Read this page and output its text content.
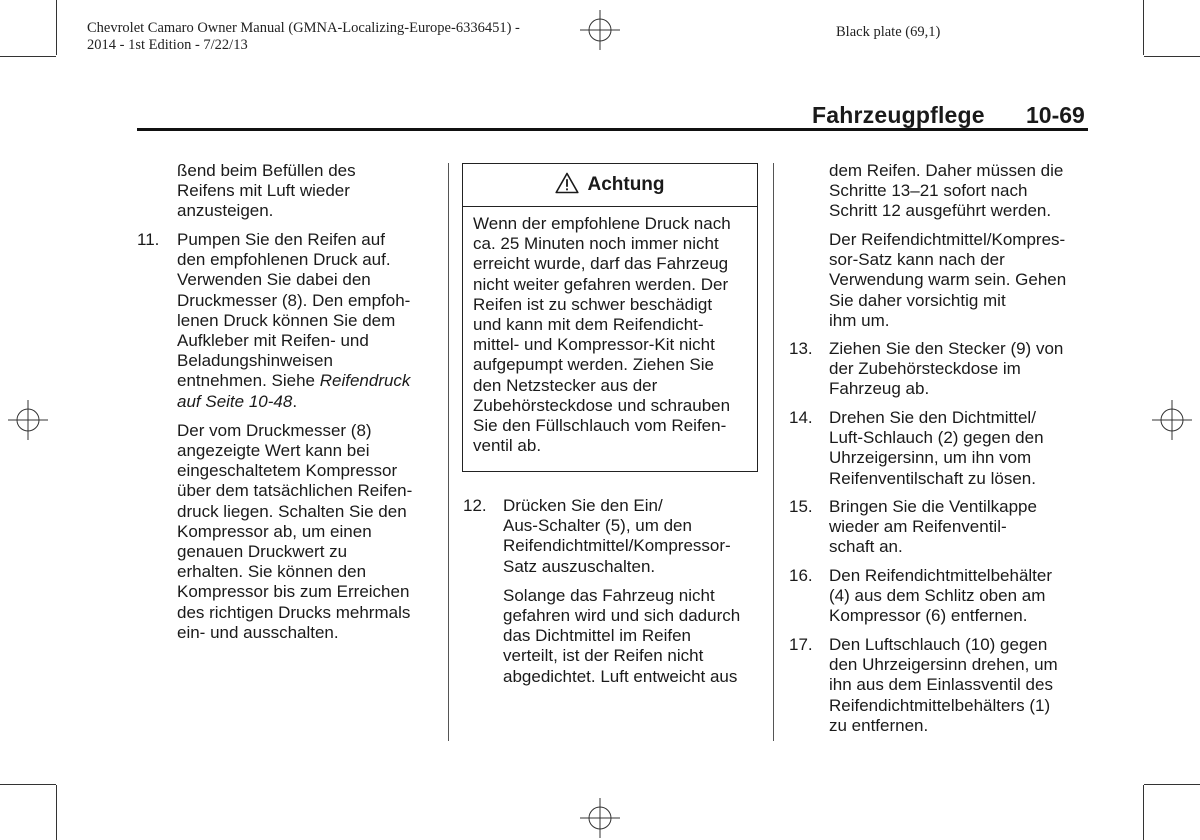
Chevrolet Camaro Owner Manual (GMNA-Localizing-Europe-6336451) -
2014 - 1st Edition - 7/22/13
Black plate (69,1)
Fahrzeugpflege 10-69
ßend beim Befüllen des
Reifens mit Luft wieder
anzusteigen.
11. Pumpen Sie den Reifen auf
den empfohlenen Druck auf.
Verwenden Sie dabei den
Druckmesser (8). Den empfoh-
lenen Druck können Sie dem
Aufkleber mit Reifen- und
Beladungshinweisen
entnehmen. Siehe Reifendruck
auf Seite 10-48.
Der vom Druckmesser (8)
angezeigte Wert kann bei
eingeschaltetem Kompressor
über dem tatsächlichen Reifen-
druck liegen. Schalten Sie den
Kompressor ab, um einen
genauen Druckwert zu
erhalten. Sie können den
Kompressor bis zum Erreichen
des richtigen Drucks mehrmals
ein- und ausschalten.
Achtung
Wenn der empfohlene Druck nach
ca. 25 Minuten noch immer nicht
erreicht wurde, darf das Fahrzeug
nicht weiter gefahren werden. Der
Reifen ist zu schwer beschädigt
und kann mit dem Reifendicht-
mittel- und Kompressor-Kit nicht
aufgepumpt werden. Ziehen Sie
den Netzstecker aus der
Zubehörsteckdose und schrauben
Sie den Füllschlauch vom Reifen-
ventil ab.
12. Drücken Sie den Ein/
Aus-Schalter (5), um den
Reifendichtmittel/Kompressor-
Satz auszuschalten.
Solange das Fahrzeug nicht
gefahren wird und sich dadurch
das Dichtmittel im Reifen
verteilt, ist der Reifen nicht
abgedichtet. Luft entweicht aus
dem Reifen. Daher müssen die
Schritte 13–21 sofort nach
Schritt 12 ausgeführt werden.
Der Reifendichtmittel/Kompres-
sor-Satz kann nach der
Verwendung warm sein. Gehen
Sie daher vorsichtig mit
ihm um.
13. Ziehen Sie den Stecker (9) von
der Zubehörsteckdose im
Fahrzeug ab.
14. Drehen Sie den Dichtmittel/
Luft-Schlauch (2) gegen den
Uhrzeigersinn, um ihn vom
Reifenventilschaft zu lösen.
15. Bringen Sie die Ventilkappe
wieder am Reifenventil-
schaft an.
16. Den Reifendichtmittelbehälter
(4) aus dem Schlitz oben am
Kompressor (6) entfernen.
17. Den Luftschlauch (10) gegen
den Uhrzeigersinn drehen, um
ihn aus dem Einlassventil des
Reifendichtmittelbehälters (1)
zu entfernen.
